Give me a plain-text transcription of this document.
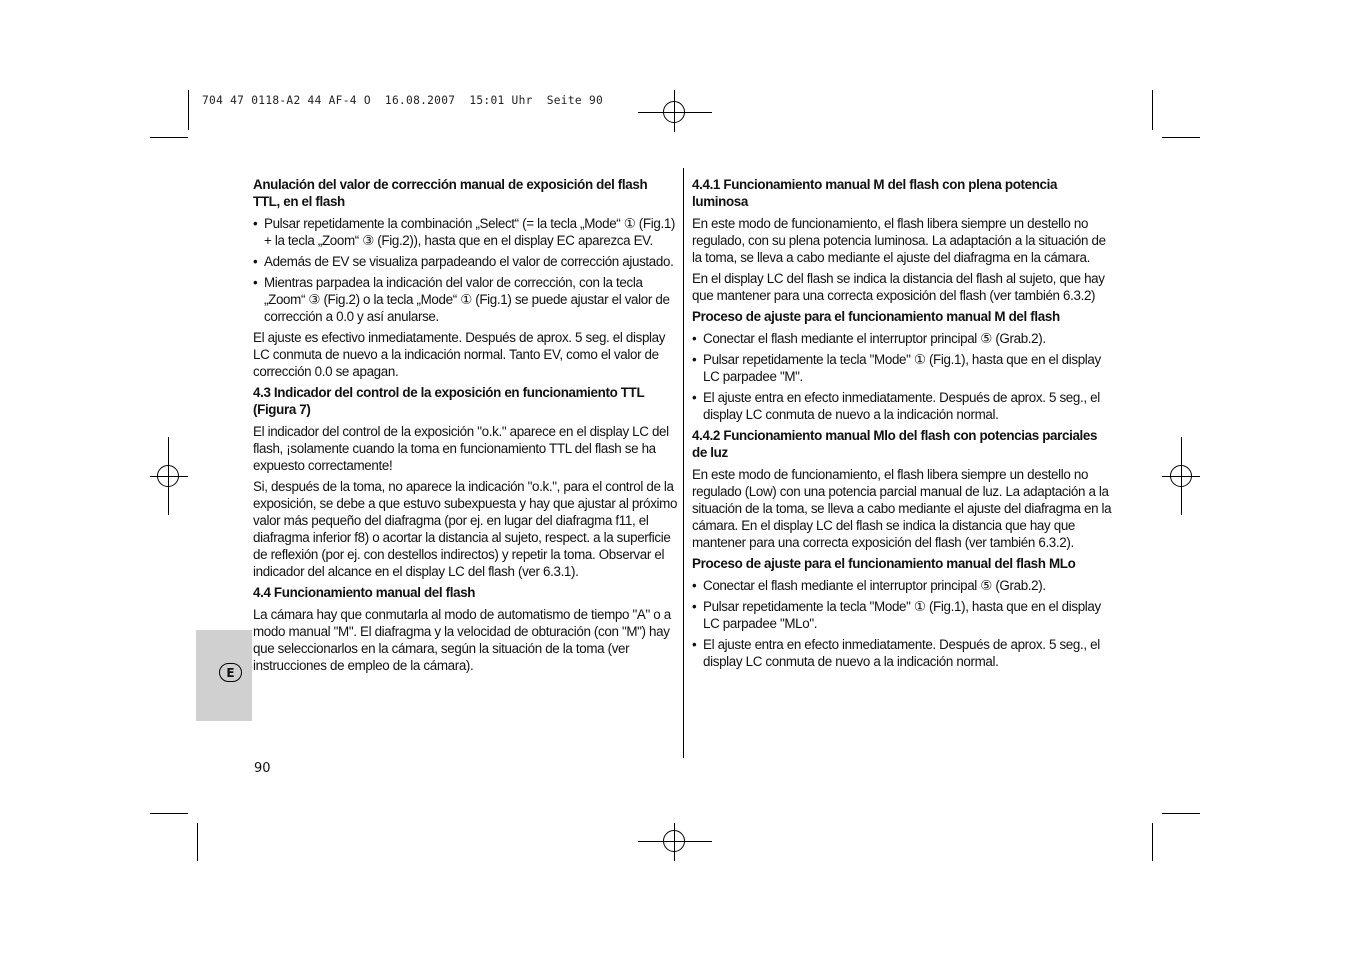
704 47 0118-A2 44 AF-4 O  16.08.2007  15:01 Uhr  Seite 90
E
90
Anulación del valor de corrección manual de exposición del flash TTL, en el flash
• Pulsar repetidamente la combinación „Select“ (= la tecla „Mode“ ① (Fig.1) + la tecla „Zoom“ ③ (Fig.2)), hasta que en el display EC aparezca EV.
• Además de EV se visualiza parpadeando el valor de corrección ajustado.
• Mientras parpadea la indicación del valor de corrección, con la tecla „Zoom“ ③ (Fig.2) o la tecla „Mode“ ① (Fig.1) se puede ajustar el valor de corrección a 0.0 y así anularse.

El ajuste es efectivo inmediatamente. Después de aprox. 5 seg. el display LC conmuta de nuevo a la indicación normal. Tanto EV, como el valor de corrección 0.0 se apagan.

4.3 Indicador del control de la exposición en funcionamiento TTL (Figura 7)

El indicador del control de la exposición "o.k." aparece en el display LC del flash, ¡solamente cuando la toma en funcionamiento TTL del flash se ha expuesto correctamente!

Si, después de la toma, no aparece la indicación "o.k.", para el control de la exposición, se debe a que estuvo subexpuesta y hay que ajustar al próximo valor más pequeño del diafragma (por ej. en lugar del diafragma f11, el diafragma inferior f8) o acortar la distancia al sujeto, respect. a la superficie de reflexión (por ej. con destellos indirectos) y repetir la toma. Observar el indicador del alcance en el display LC del flash (ver 6.3.1).

4.4 Funcionamiento manual del flash

La cámara hay que conmutarla al modo de automatismo de tiempo "A" o a modo manual "M". El diafragma y la velocidad de obturación (con "M") hay que seleccionarlos en la cámara, según la situación de la toma (ver instrucciones de empleo de la cámara).

4.4.1 Funcionamiento manual M del flash con plena potencia luminosa

En este modo de funcionamiento, el flash libera siempre un destello no regulado, con su plena potencia luminosa. La adaptación a la situación de la toma, se lleva a cabo mediante el ajuste del diafragma en la cámara.

En el display LC del flash se indica la distancia del flash al sujeto, que hay que mantener para una correcta exposición del flash (ver también 6.3.2)

Proceso de ajuste para el funcionamiento manual M del flash
• Conectar el flash mediante el interruptor principal ⑤ (Grab.2).
• Pulsar repetidamente la tecla "Mode" ① (Fig.1), hasta que en el display LC parpadee "M".
• El ajuste entra en efecto inmediatamente. Después de aprox. 5 seg., el display LC conmuta de nuevo a la indicación normal.
4.4.2 Funcionamiento manual Mlo del flash con potencias parciales de luz

En este modo de funcionamiento, el flash libera siempre un destello no regulado (Low) con una potencia parcial manual de luz. La adaptación a la situación de la toma, se lleva a cabo mediante el ajuste del diafragma en la cámara. En el display LC del flash se indica la distancia que hay que mantener para una correcta exposición del flash (ver también 6.3.2).

Proceso de ajuste para el funcionamiento manual del flash MLo
• Conectar el flash mediante el interruptor principal ⑤ (Grab.2).
• Pulsar repetidamente la tecla "Mode" ① (Fig.1), hasta que en el display LC parpadee "MLo".
• El ajuste entra en efecto inmediatamente. Después de aprox. 5 seg., el display LC conmuta de nuevo a la indicación normal.
